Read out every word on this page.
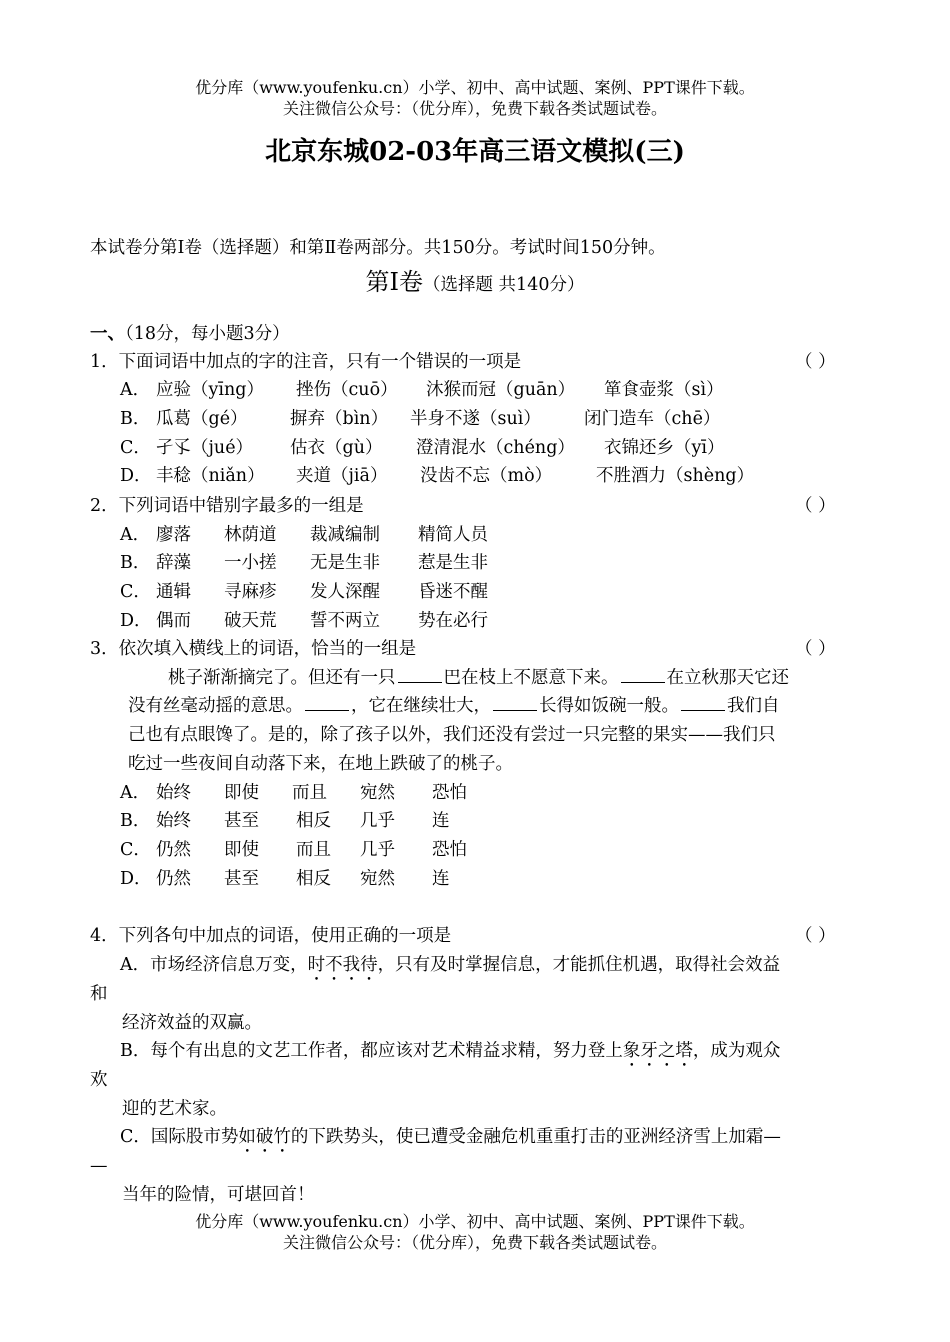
优分库（www.youfenku.cn）小学、初中、高中试题、案例、PPT课件下载。
关注微信公众号：（优分库），免费下载各类试题试卷。
北京东城02-03年高三语文模拟(三)
本试卷分第Ⅰ卷（选择题）和第Ⅱ卷两部分。共150分。考试时间150分钟。
第Ⅰ卷（选择题 共140分）
一、（18分，每小题3分）
1．下面词语中加点的字的注音，只有一个错误的一项是	（ ）
A． 应验（yīng） 挫伤（cuō） 沐猴而冠（guān） 箪食壶浆（sì）
B． 瓜葛（gé） 摒弃（bìn） 半身不遂（suì） 闭门造车（chē）
C． 孑孓（jué） 估衣（gù） 澄清混水（chéng） 衣锦还乡（yī）
D． 丰稔（niǎn） 夹道（jiā） 没齿不忘（mò）	不胜酒力（shèng）
2．下列词语中错别字最多的一组是	（ ）
A． 廖落 林荫道 裁减编制 精简人员
B． 辞藻 一小搓 无是生非 惹是生非
C． 通辑 寻麻疹 发人深醒 昏迷不醒
D． 偶而 破天荒 誓不两立 势在必行
3．依次填入横线上的词语，恰当的一组是	（ ）
桃子渐渐摘完了。但还有一只	巴在枝上不愿意下来。	在立秋那天它还
没有丝毫动摇的意思。	，它在继续壮大，	长得如饭碗一般。	我们自
己也有点眼馋了。是的，除了孩子以外，我们还没有尝过一只完整的果实——我们只
吃过一些夜间自动落下来，在地上跌破了的桃子。
A． 始终 即使 而且 宛然 恐怕
B． 始终 甚至 相反 几乎 连
C． 仍然 即使 而且 几乎 恐怕
D． 仍然 甚至 相反 宛然 连
4．下列各句中加点的词语，使用正确的一项是	（ ）
A．市场经济信息万变，时不我待，只有及时掌握信息，才能抓住机遇，取得社会效益
和
经济效益的双赢。
B．每个有出息的文艺工作者，都应该对艺术精益求精，努力登上象牙之塔，成为观众
欢
迎的艺术家。
C．国际股市势如破竹的下跌势头，使已遭受金融危机重重打击的亚洲经济雪上加霜—
—
当年的险情，可堪回首！
优分库（www.youfenku.cn）小学、初中、高中试题、案例、PPT课件下载。
关注微信公众号：（优分库），免费下载各类试题试卷。
